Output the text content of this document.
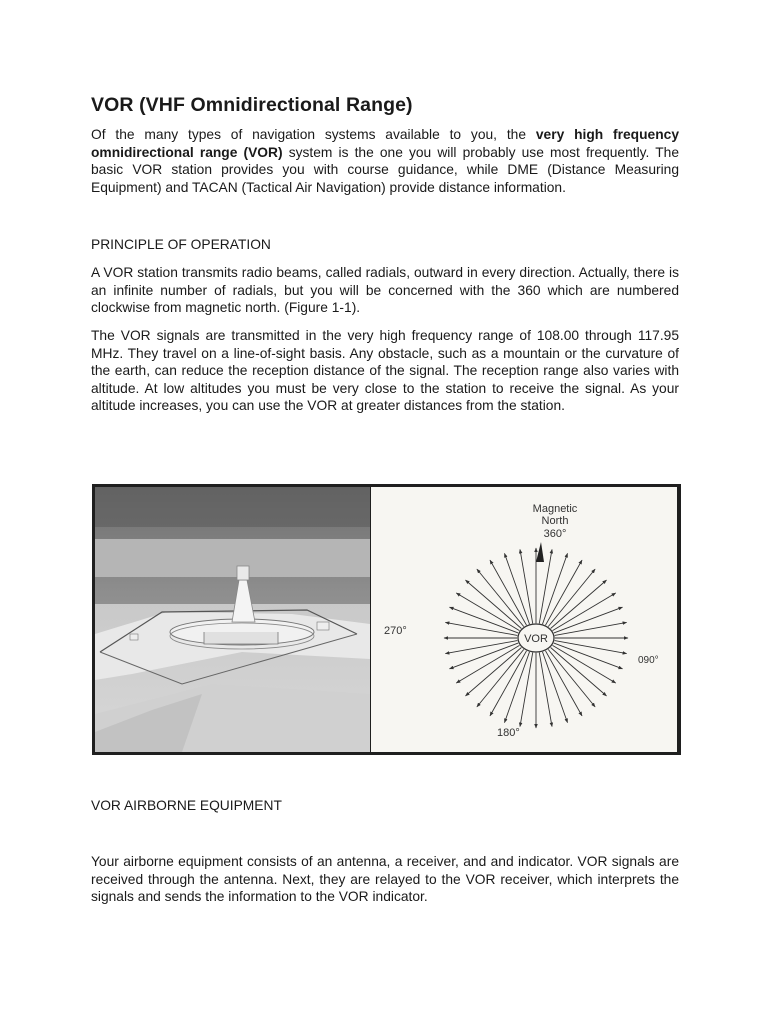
VOR (VHF Omnidirectional Range)

Of the many types of navigation systems available to you, the very high frequency omnidirectional range (VOR) system is the one you will probably use most frequently. The basic VOR station provides you with course guidance, while DME (Distance Measuring Equipment) and TACAN (Tactical Air Navigation) provide distance information.

PRINCIPLE OF OPERATION

A VOR station transmits radio beams, called radials, outward in every direction. Actually, there is an infinite number of radials, but you will be concerned with the 360 which are numbered clockwise from magnetic north. (Figure 1-1).

The VOR signals are transmitted in the very high frequency range of 108.00 through 117.95 MHz. They travel on a line-of-sight basis. Any obstacle, such as a mountain or the curvature of the earth, can reduce the reception distance of the signal. The reception range also varies with altitude. At low altitudes you must be very close to the station to receive the signal. As your altitude increases, you can use the VOR at greater distances from the station.

VOR AIRBORNE EQUIPMENT

Your airborne equipment consists of an antenna, a receiver, and and indicator. VOR signals are received through the antenna. Next, they are relayed to the VOR receiver, which interprets the signals and sends the information to the VOR indicator.

VOR
Magnetic
North
360°
270°
090°
180°
